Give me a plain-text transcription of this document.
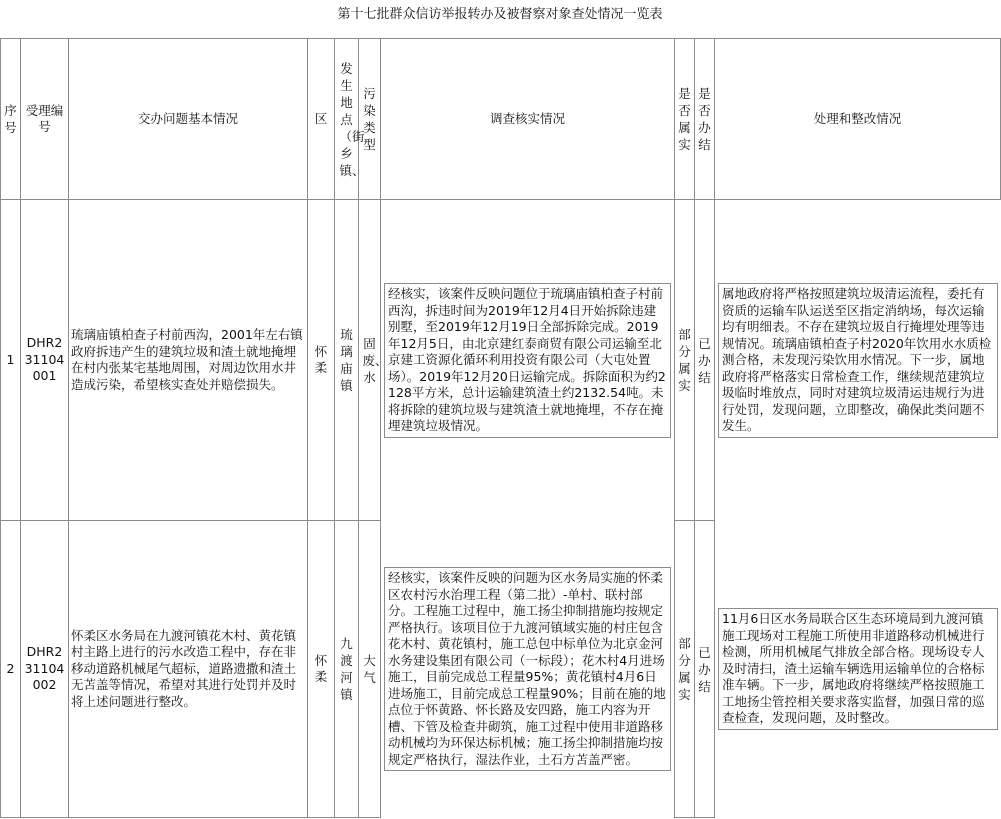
第十七批群众信访举报转办及被督察对象查处情况一览表
序号	受理编号	交办问题基本情况	区	发生地点（街乡镇、	污染类型	调查核实情况	是否属实	是否办结	处理和整改情况
1	DHR231104001	琉璃庙镇柏查子村前西沟，2001年左右镇政府拆违产生的建筑垃圾和渣土就地掩埋在村内张某宅基地周围，对周边饮用水井造成污染，希望核实查处并赔偿损失。	怀柔	琉璃庙镇	固废、水	经核实，该案件反映问题位于琉璃庙镇柏查子村前西沟，拆违时间为2019年12月4日开始拆除违建别墅，至2019年12月19日全部拆除完成。2019年12月5日，由北京建红泰商贸有限公司运输至北京建工资源化循环利用投资有限公司（大屯处置场）。2019年12月20日运输完成。拆除面积为约2128平方米，总计运输建筑渣土约2132.54吨。未将拆除的建筑垃圾与建筑渣土就地掩埋，不存在掩埋建筑垃圾情况。	部分属实	已办结	属地政府将严格按照建筑垃圾清运流程，委托有资质的运输车队运送至区指定消纳场，每次运输均有明细表。不存在建筑垃圾自行掩埋处理等违规情况。琉璃庙镇柏查子村2020年饮用水水质检测合格，未发现污染饮用水情况。下一步，属地政府将严格落实日常检查工作，继续规范建筑垃圾临时堆放点，同时对建筑垃圾清运违规行为进行处罚，发现问题，立即整改，确保此类问题不发生。

2	DHR231104002	怀柔区水务局在九渡河镇花木村、黄花镇村主路上进行的污水改造工程中，存在非移动道路机械尾气超标，道路遗撒和渣土无苫盖等情况，希望对其进行处罚并及时将上述问题进行整改。	怀柔	九渡河镇	大气	经核实，该案件反映的问题为区水务局实施的怀柔区农村污水治理工程（第二批）-单村、联村部分。工程施工过程中，施工扬尘抑制措施均按规定严格执行。该项目位于九渡河镇域实施的村庄包含花木村、黄花镇村，施工总包中标单位为北京金河水务建设集团有限公司（一标段）；花木村4月进场施工，目前完成总工程量95%；黄花镇村4月6日进场施工，目前完成总工程量90%；目前在施的地点位于怀黄路、怀长路及安四路，施工内容为开槽、下管及检查井砌筑，施工过程中使用非道路移动机械均为环保达标机械；施工扬尘抑制措施均按规定严格执行，湿法作业，土石方苫盖严密。	部分属实	已办结	11月6日区水务局联合区生态环境局到九渡河镇施工现场对工程施工所使用非道路移动机械进行检测，所用机械尾气排放全部合格。现场设专人及时清扫，渣土运输车辆选用运输单位的合格标准车辆。下一步，属地政府将继续严格按照施工工地扬尘管控相关要求落实监督，加强日常的巡查检查，发现问题，及时整改。
